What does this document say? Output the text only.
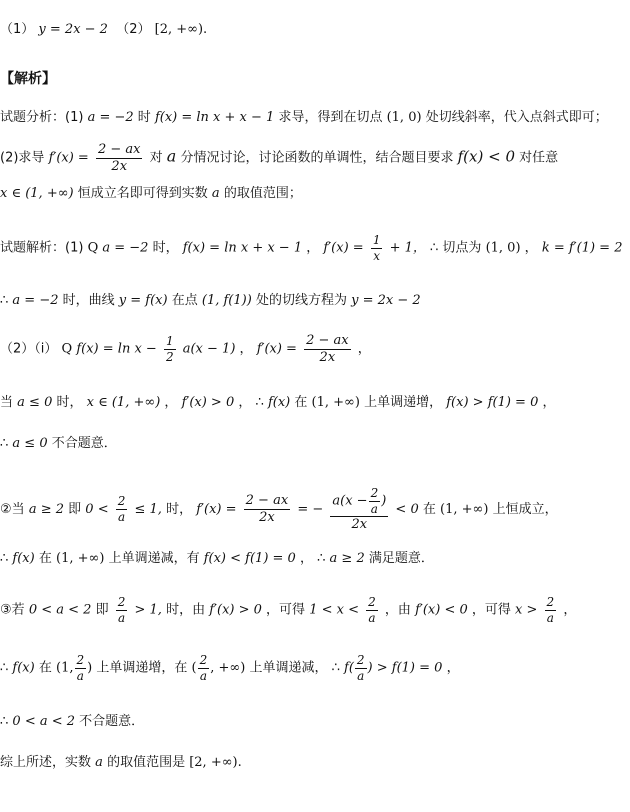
（1） y = 2x − 2 （2） [2, +∞).
【解析】
试题分析：(1) a = −2 时 f(x) = ln x + x − 1 求导，得到在切点 (1, 0) 处切线斜率，代入点斜式即可；
(2)求导 $f'(x) = \frac{2 - ax}{2x}$ 对 a 分情况讨论，讨论函数的单调性，结合题目要求 f(x) < 0 对任意
x ∈ (1, +∞) 恒成立名即可得到实数 a 的取值范围；
试题解析：(1) Q a = −2 时， f(x) = ln x + x − 1 ， $f'(x) = \frac{1}{x} + 1$， ∴ 切点为 (1, 0) ， k = f′(1) = 2
∴ a = −2 时，曲线 y = f(x) 在点 (1, f(1)) 处的切线方程为 y = 2x − 2
（2）（i） Q $f(x) = \ln x - \frac{1}{2} a(x - 1)$ ， $f'(x) = \frac{2 - ax}{2x}$ ，
当 a ≤ 0 时， x ∈ (1, +∞) ， f′(x) > 0 ， ∴ f(x) 在 (1, +∞) 上单调递增， f(x) > f(1) = 0 ，
∴ a ≤ 0 不合题意．
②当 a ≥ 2 即 $0 < \frac{2}{a} \le 1$, 时， $f'(x) = \frac{2 - ax}{2x}$ = − $\frac{a(x - \frac{2}{a} )}{2x} < 0$ 在 (1, +∞) 上恒成立，
∴ f(x) 在 (1, +∞) 上单调递减，有 f(x) < f(1) = 0 ， ∴ a ≥ 2 满足题意．
③若 0 < a < 2 即 $\frac{2}{a} > 1$, 时，由 f′(x) > 0 ，可得 $1 < x < \frac{2}{a}$ ，由 f′(x) < 0 ，可得 $x > \frac{2}{a}$ ，
∴ f(x) 在 (1, $\frac{2}{a}$ ) 上单调递增，在 ( $\frac{2}{a}$ , +∞) 上单调递减， ∴ $f( \frac{2}{a}$ ) > f(1) = 0 ，
∴ 0 < a < 2 不合题意．
综上所述，实数 a 的取值范围是 [2, +∞).
